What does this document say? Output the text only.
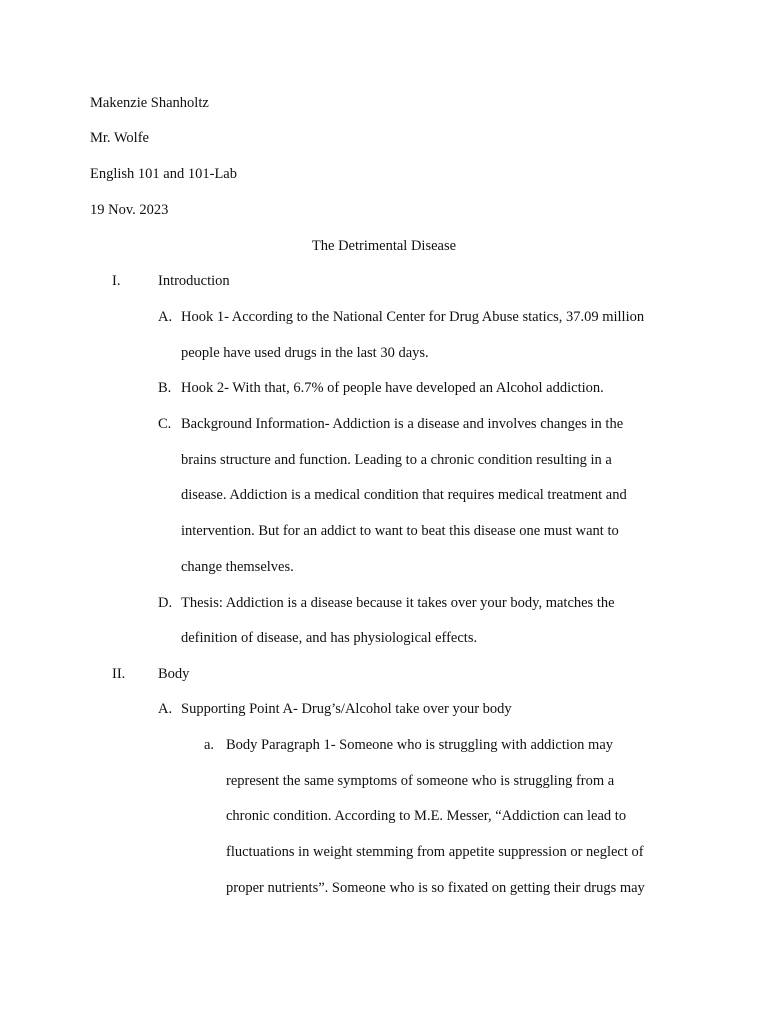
Makenzie Shanholtz
Mr. Wolfe
English 101 and 101-Lab
19 Nov. 2023
The Detrimental Disease
I.	Introduction
A. Hook 1- According to the National Center for Drug Abuse statics, 37.09 million
people have used drugs in the last 30 days.
B. Hook 2- With that, 6.7% of people have developed an Alcohol addiction.
C. Background Information- Addiction is a disease and involves changes in the
brains structure and function. Leading to a chronic condition resulting in a
disease. Addiction is a medical condition that requires medical treatment and
intervention. But for an addict to want to beat this disease one must want to
change themselves.
D. Thesis: Addiction is a disease because it takes over your body, matches the
definition of disease, and has physiological effects.
II. Body
A. Supporting Point A- Drug’s/Alcohol take over your body
a. Body Paragraph 1- Someone who is struggling with addiction may
represent the same symptoms of someone who is struggling from a
chronic condition. According to M.E. Messer, “Addiction can lead to
fluctuations in weight stemming from appetite suppression or neglect of
proper nutrients”. Someone who is so fixated on getting their drugs may
